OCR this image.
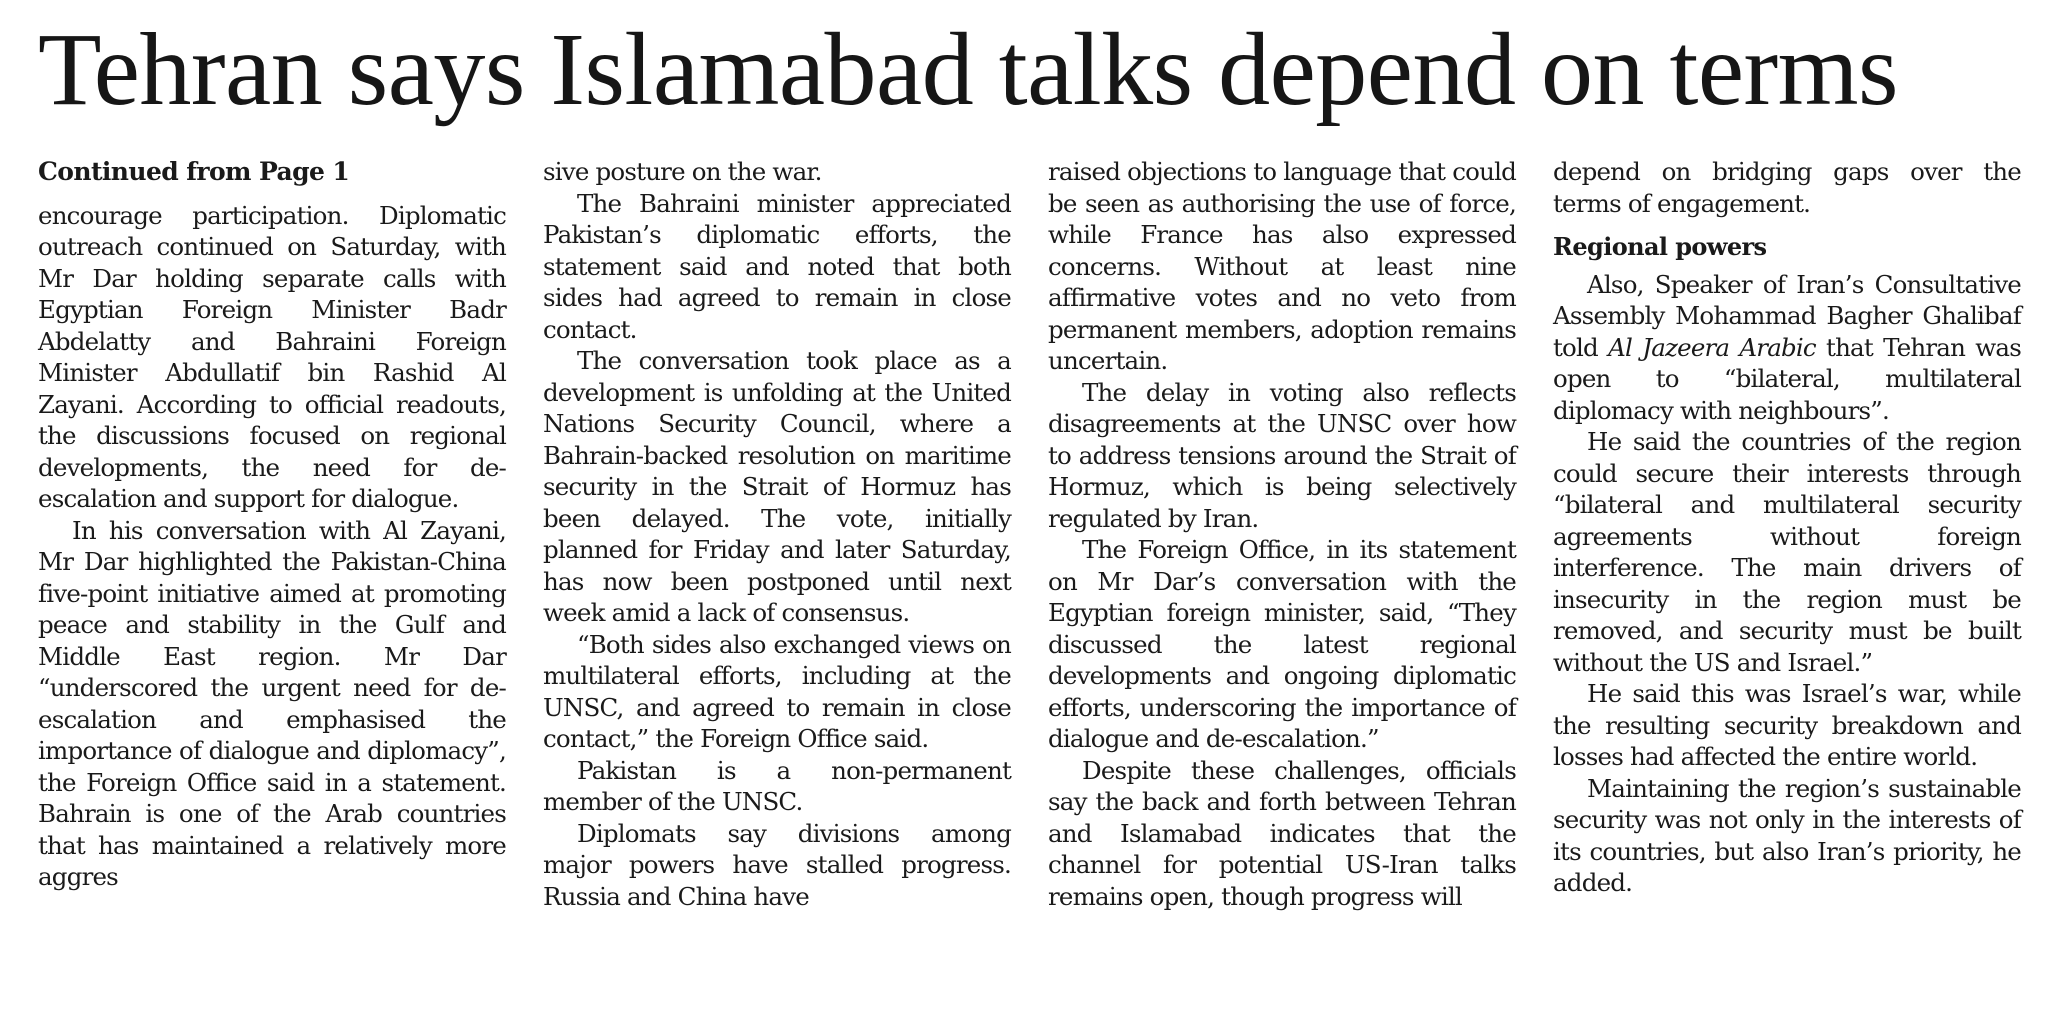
Tehran says Islamabad talks depend on terms
Continued from Page 1

encourage participation. Diplomatic outreach continued on Saturday, with Mr Dar holding separate calls with Egyptian Foreign Minister Badr Abdelatty and Bahraini Foreign Minister Abdullatif bin Rashid Al Zayani. According to official readouts, the discussions focused on regional developments, the need for de-escalation and support for dialogue.

In his conversation with Al Zayani, Mr Dar highlighted the Pakistan-China five-point initiative aimed at promoting peace and stability in the Gulf and Middle East region. Mr Dar “underscored the urgent need for de-escalation and emphasised the importance of dialogue and diplomacy”, the Foreign Office said in a statement. Bahrain is one of the Arab countries that has maintained a relatively more aggres

sive posture on the war.

The Bahraini minister appreciated Pakistan’s diplomatic efforts, the statement said and noted that both sides had agreed to remain in close contact.

The conversation took place as a development is unfolding at the United Nations Security Council, where a Bahrain-backed resolution on maritime security in the Strait of Hormuz has been delayed. The vote, initially planned for Friday and later Saturday, has now been postponed until next week amid a lack of consensus.

“Both sides also exchanged views on multilateral efforts, including at the UNSC, and agreed to remain in close contact,” the Foreign Office said.

Pakistan is a non-permanent member of the UNSC.

Diplomats say divisions among major powers have stalled progress. Russia and China have

raised objections to language that could be seen as authorising the use of force, while France has also expressed concerns. Without at least nine affirmative votes and no veto from permanent members, adoption remains uncertain.

The delay in voting also reflects disagreements at the UNSC over how to address tensions around the Strait of Hormuz, which is being selectively regulated by Iran.

The Foreign Office, in its statement on Mr Dar’s conversation with the Egyptian foreign minister, said, “They discussed the latest regional developments and ongoing diplomatic efforts, underscoring the importance of dialogue and de-escalation.”

Despite these challenges, officials say the back and forth between Tehran and Islamabad indicates that the channel for potential US-Iran talks remains open, though progress will

depend on bridging gaps over the terms of engagement.

Regional powers

Also, Speaker of Iran’s Consultative Assembly Mohammad Bagher Ghalibaf told Al Jazeera Arabic that Tehran was open to “bilateral, multilateral diplomacy with neighbours”.

He said the countries of the region could secure their interests through “bilateral and multilateral security agreements without foreign interference. The main drivers of insecurity in the region must be removed, and security must be built without the US and Israel.”

He said this was Israel’s war, while the resulting security breakdown and losses had affected the entire world.

Maintaining the region’s sustainable security was not only in the interests of its countries, but also Iran’s priority, he added.
